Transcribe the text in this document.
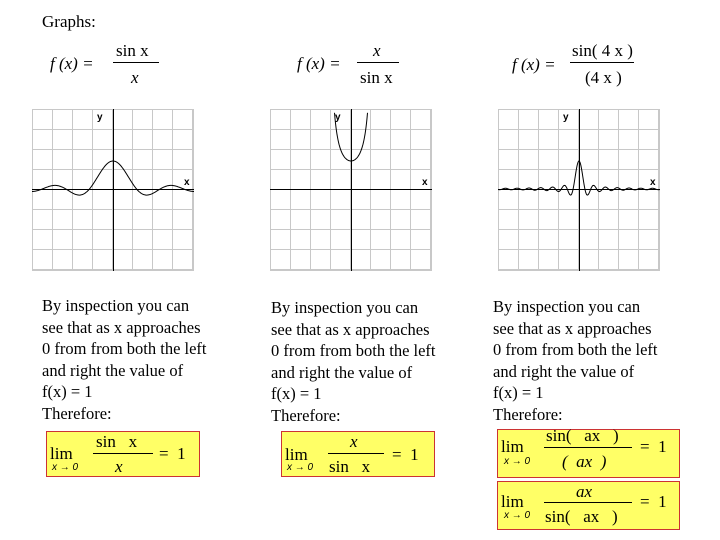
Graphs:
f (x) =
sin x
x
f (x) =
x
sin x
f (x) =
sin( 4 x )
(4 x )
x
y
x
y
x
y
By inspection you can
see that as x approaches
0 from from both the left
and right the value of
f(x) = 1
Therefore:
By inspection you can
see that as x approaches
0 from from both the left
and right the value of
f(x) = 1
Therefore:
By inspection you can
see that as x approaches
0 from from both the left
and right the value of
f(x) = 1
Therefore:
lim
x → 0
sin   x
x
=  1	lim
x → 0
x
sin   x
=  1	lim
x → 0
sin(   ax   )
(  ax  )
=  1
lim
x → 0
ax
sin(   ax   )
=  1
